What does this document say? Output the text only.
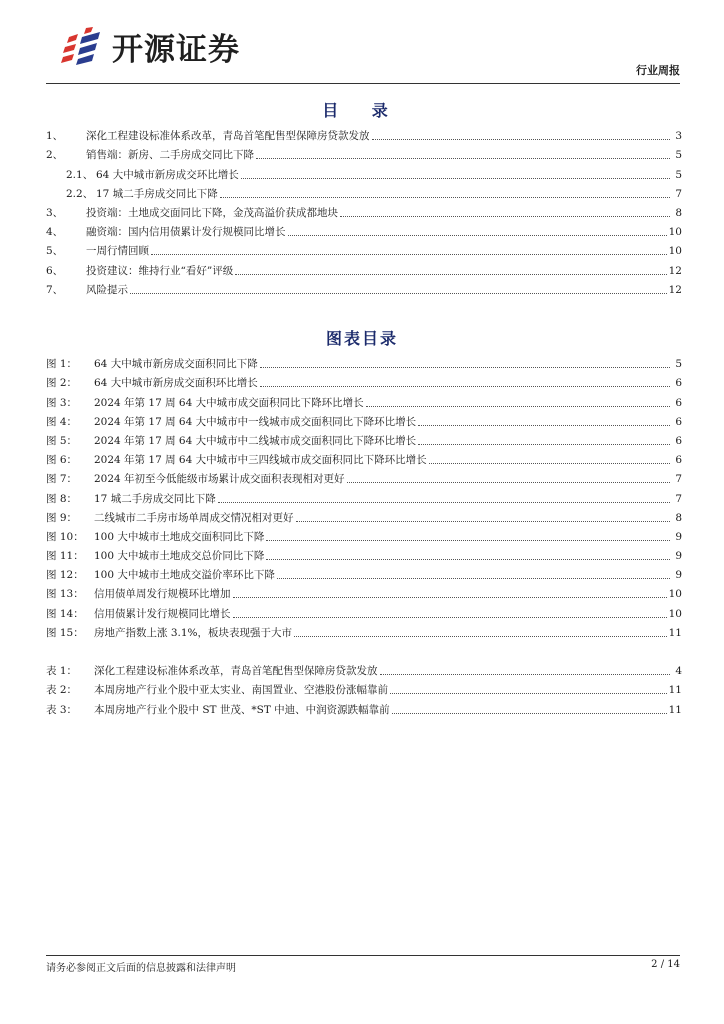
开源证券
行业周报
目 录
1、	深化工程建设标准体系改革，青岛首笔配售型保障房贷款发放	3
2、	销售端：新房、二手房成交同比下降	5
2.1、 64 大中城市新房成交环比增长	5
2.2、 17 城二手房成交同比下降	7
3、	投资端：土地成交面同比下降，金茂高溢价获成都地块	8
4、	融资端：国内信用债累计发行规模同比增长	10
5、	一周行情回顾	10
6、	投资建议：维持行业“看好”评级	12
7、	风险提示	12
图表目录
图 1：	64 大中城市新房成交面积同比下降	5
图 2：	64 大中城市新房成交面积环比增长	6
图 3：	2024 年第 17 周 64 大中城市成交面积同比下降环比增长	6
图 4：	2024 年第 17 周 64 大中城市中一线城市成交面积同比下降环比增长	6
图 5：	2024 年第 17 周 64 大中城市中二线城市成交面积同比下降环比增长	6
图 6：	2024 年第 17 周 64 大中城市中三四线城市成交面积同比下降环比增长	6
图 7：	2024 年初至今低能级市场累计成交面积表现相对更好	7
图 8：	17 城二手房成交同比下降	7
图 9：	二线城市二手房市场单周成交情况相对更好	8
图 10： 100 大中城市土地成交面积同比下降	9
图 11： 100 大中城市土地成交总价同比下降	9
图 12： 100 大中城市土地成交溢价率环比下降	9
图 13： 信用债单周发行规模环比增加	10
图 14： 信用债累计发行规模同比增长	10
图 15： 房地产指数上涨 3.1%，板块表现强于大市	11
表 1：	深化工程建设标准体系改革，青岛首笔配售型保障房贷款发放	4
表 2：	本周房地产行业个股中亚太实业、南国置业、空港股份涨幅靠前	11
表 3：	本周房地产行业个股中 ST 世茂、*ST 中迪、中润资源跌幅靠前	11
请务必参阅正文后面的信息披露和法律声明	2 / 14
